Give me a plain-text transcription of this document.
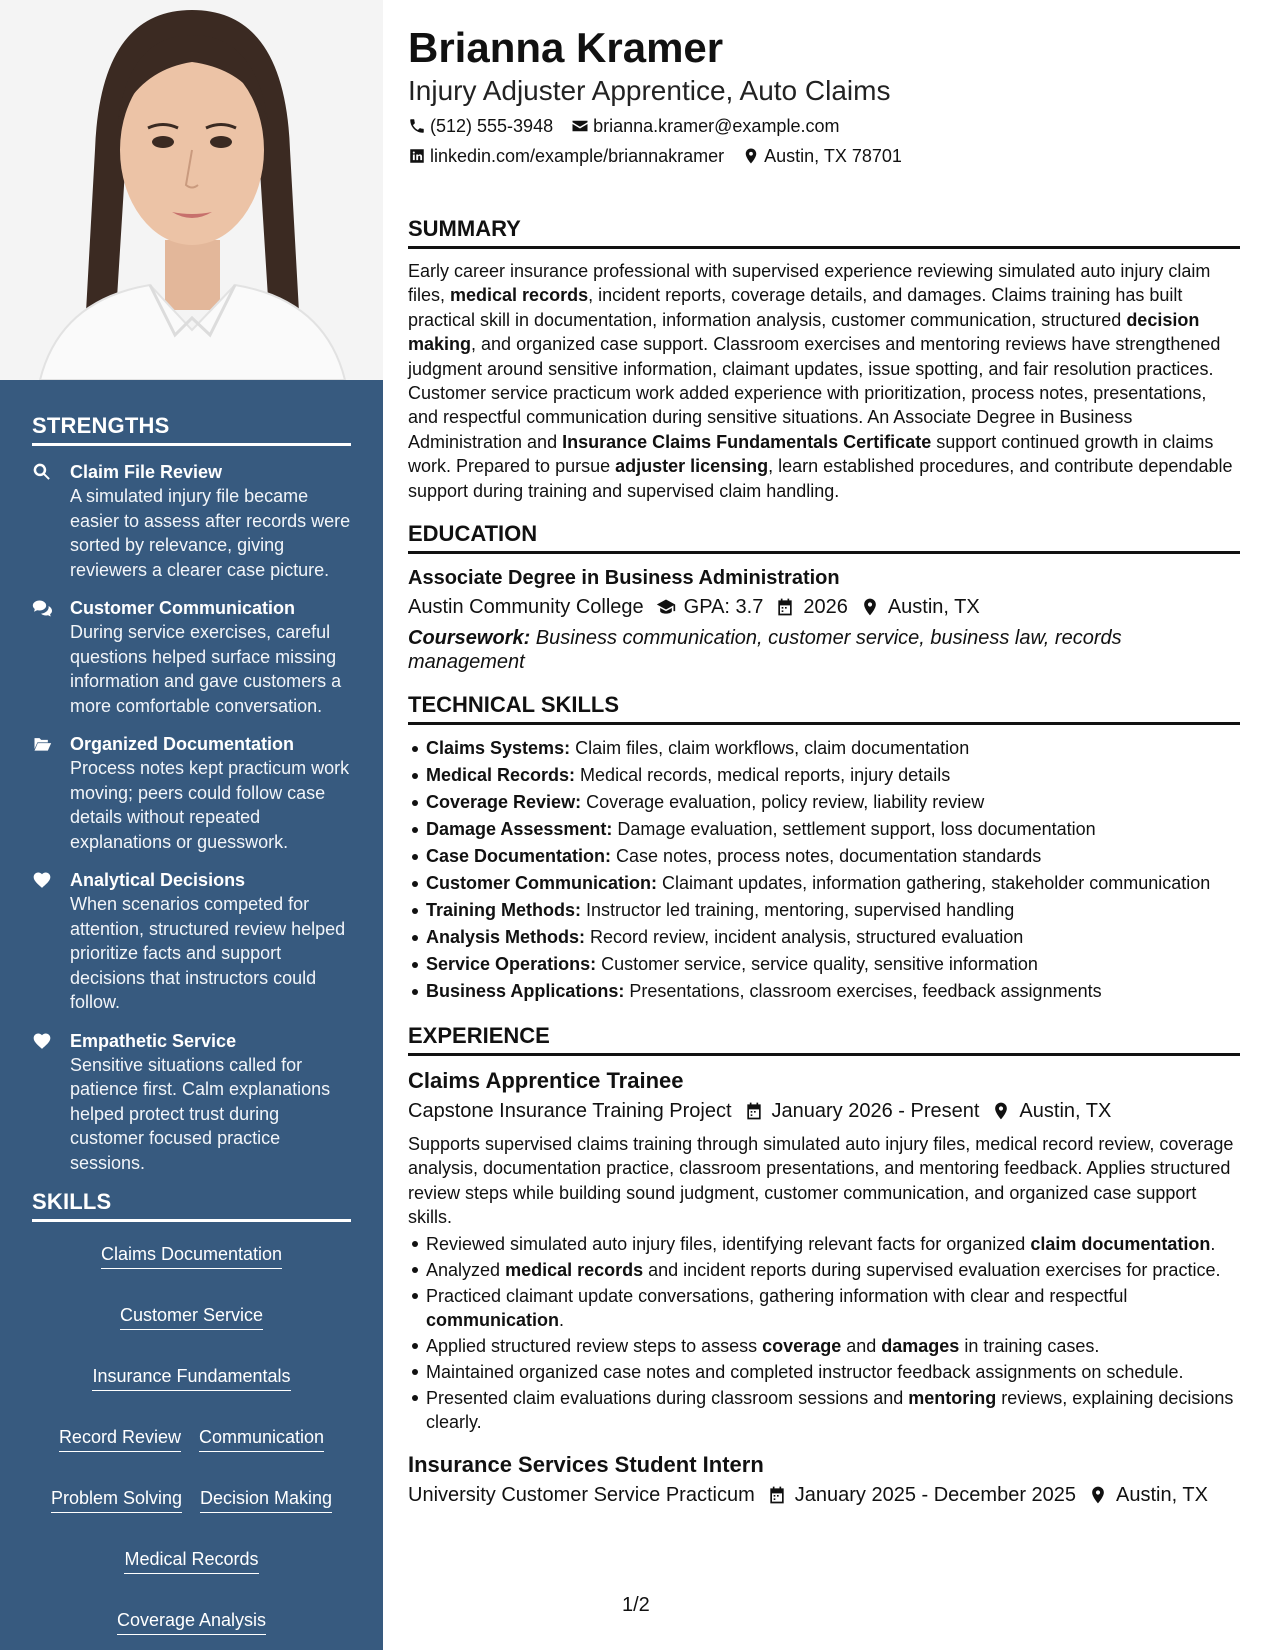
STRENGTHS
Claim File Review
A simulated injury file became easier to assess after records were sorted by relevance, giving reviewers a clearer case picture.
Customer Communication
During service exercises, careful questions helped surface missing information and gave customers a more comfortable conversation.
Organized Documentation
Process notes kept practicum work moving; peers could follow case details without repeated explanations or guesswork.
Analytical Decisions
When scenarios competed for attention, structured review helped prioritize facts and support decisions that instructors could follow.
Empathetic Service
Sensitive situations called for patience first. Calm explanations helped protect trust during customer focused practice sessions.
SKILLS
Claims Documentation
Customer Service
Insurance Fundamentals
Record Review Communication
Problem Solving Decision Making
Medical Records
Coverage Analysis
Brianna Kramer
Injury Adjuster Apprentice, Auto Claims
(512) 555-3948 brianna.kramer@example.com
linkedin.com/example/briannakramer Austin, TX 78701
SUMMARY
Early career insurance professional with supervised experience reviewing simulated auto injury claim files, medical records, incident reports, coverage details, and damages. Claims training has built practical skill in documentation, information analysis, customer communication, structured decision making, and organized case support. Classroom exercises and mentoring reviews have strengthened judgment around sensitive information, claimant updates, issue spotting, and fair resolution practices. Customer service practicum work added experience with prioritization, process notes, presentations, and respectful communication during sensitive situations. An Associate Degree in Business Administration and Insurance Claims Fundamentals Certificate support continued growth in claims work. Prepared to pursue adjuster licensing, learn established procedures, and contribute dependable support during training and supervised claim handling.
EDUCATION
Associate Degree in Business Administration
Austin Community College GPA: 3.7 2026 Austin, TX
Coursework: Business communication, customer service, business law, records management
TECHNICAL SKILLS
Claims Systems: Claim files, claim workflows, claim documentation
Medical Records: Medical records, medical reports, injury details
Coverage Review: Coverage evaluation, policy review, liability review
Damage Assessment: Damage evaluation, settlement support, loss documentation
Case Documentation: Case notes, process notes, documentation standards
Customer Communication: Claimant updates, information gathering, stakeholder communication
Training Methods: Instructor led training, mentoring, supervised handling
Analysis Methods: Record review, incident analysis, structured evaluation
Service Operations: Customer service, service quality, sensitive information
Business Applications: Presentations, classroom exercises, feedback assignments
EXPERIENCE
Claims Apprentice Trainee
Capstone Insurance Training Project January 2026 - Present Austin, TX
Supports supervised claims training through simulated auto injury files, medical record review, coverage analysis, documentation practice, classroom presentations, and mentoring feedback. Applies structured review steps while building sound judgment, customer communication, and organized case support skills.
Reviewed simulated auto injury files, identifying relevant facts for organized claim documentation.
Analyzed medical records and incident reports during supervised evaluation exercises for practice.
Practiced claimant update conversations, gathering information with clear and respectful communication.
Applied structured review steps to assess coverage and damages in training cases.
Maintained organized case notes and completed instructor feedback assignments on schedule.
Presented claim evaluations during classroom sessions and mentoring reviews, explaining decisions clearly.
Insurance Services Student Intern
University Customer Service Practicum January 2025 - December 2025 Austin, TX
1/2
